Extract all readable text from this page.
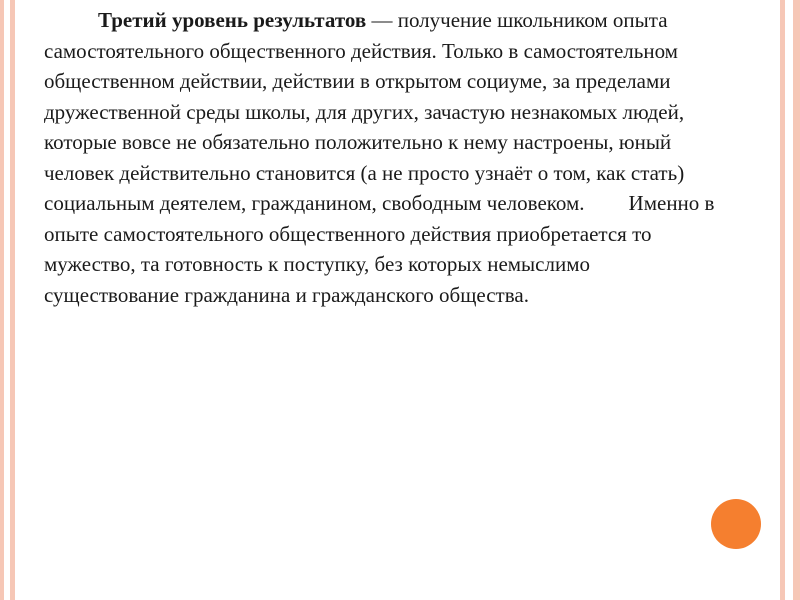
Третий уровень результатов — получение школьником опыта самостоятельного общественного действия. Только в самостоятельном общественном действии, действии в открытом социуме, за пределами дружественной среды школы, для других, зачастую незнакомых людей, которые вовсе не обязательно положительно к нему настроены, юный человек действительно становится (а не просто узнаёт о том, как стать) социальным деятелем, гражданином, свободным человеком. Именно в опыте самостоятельного общественного действия приобретается то мужество, та готовность к поступку, без которых немыслимо существование гражданина и гражданского общества.
